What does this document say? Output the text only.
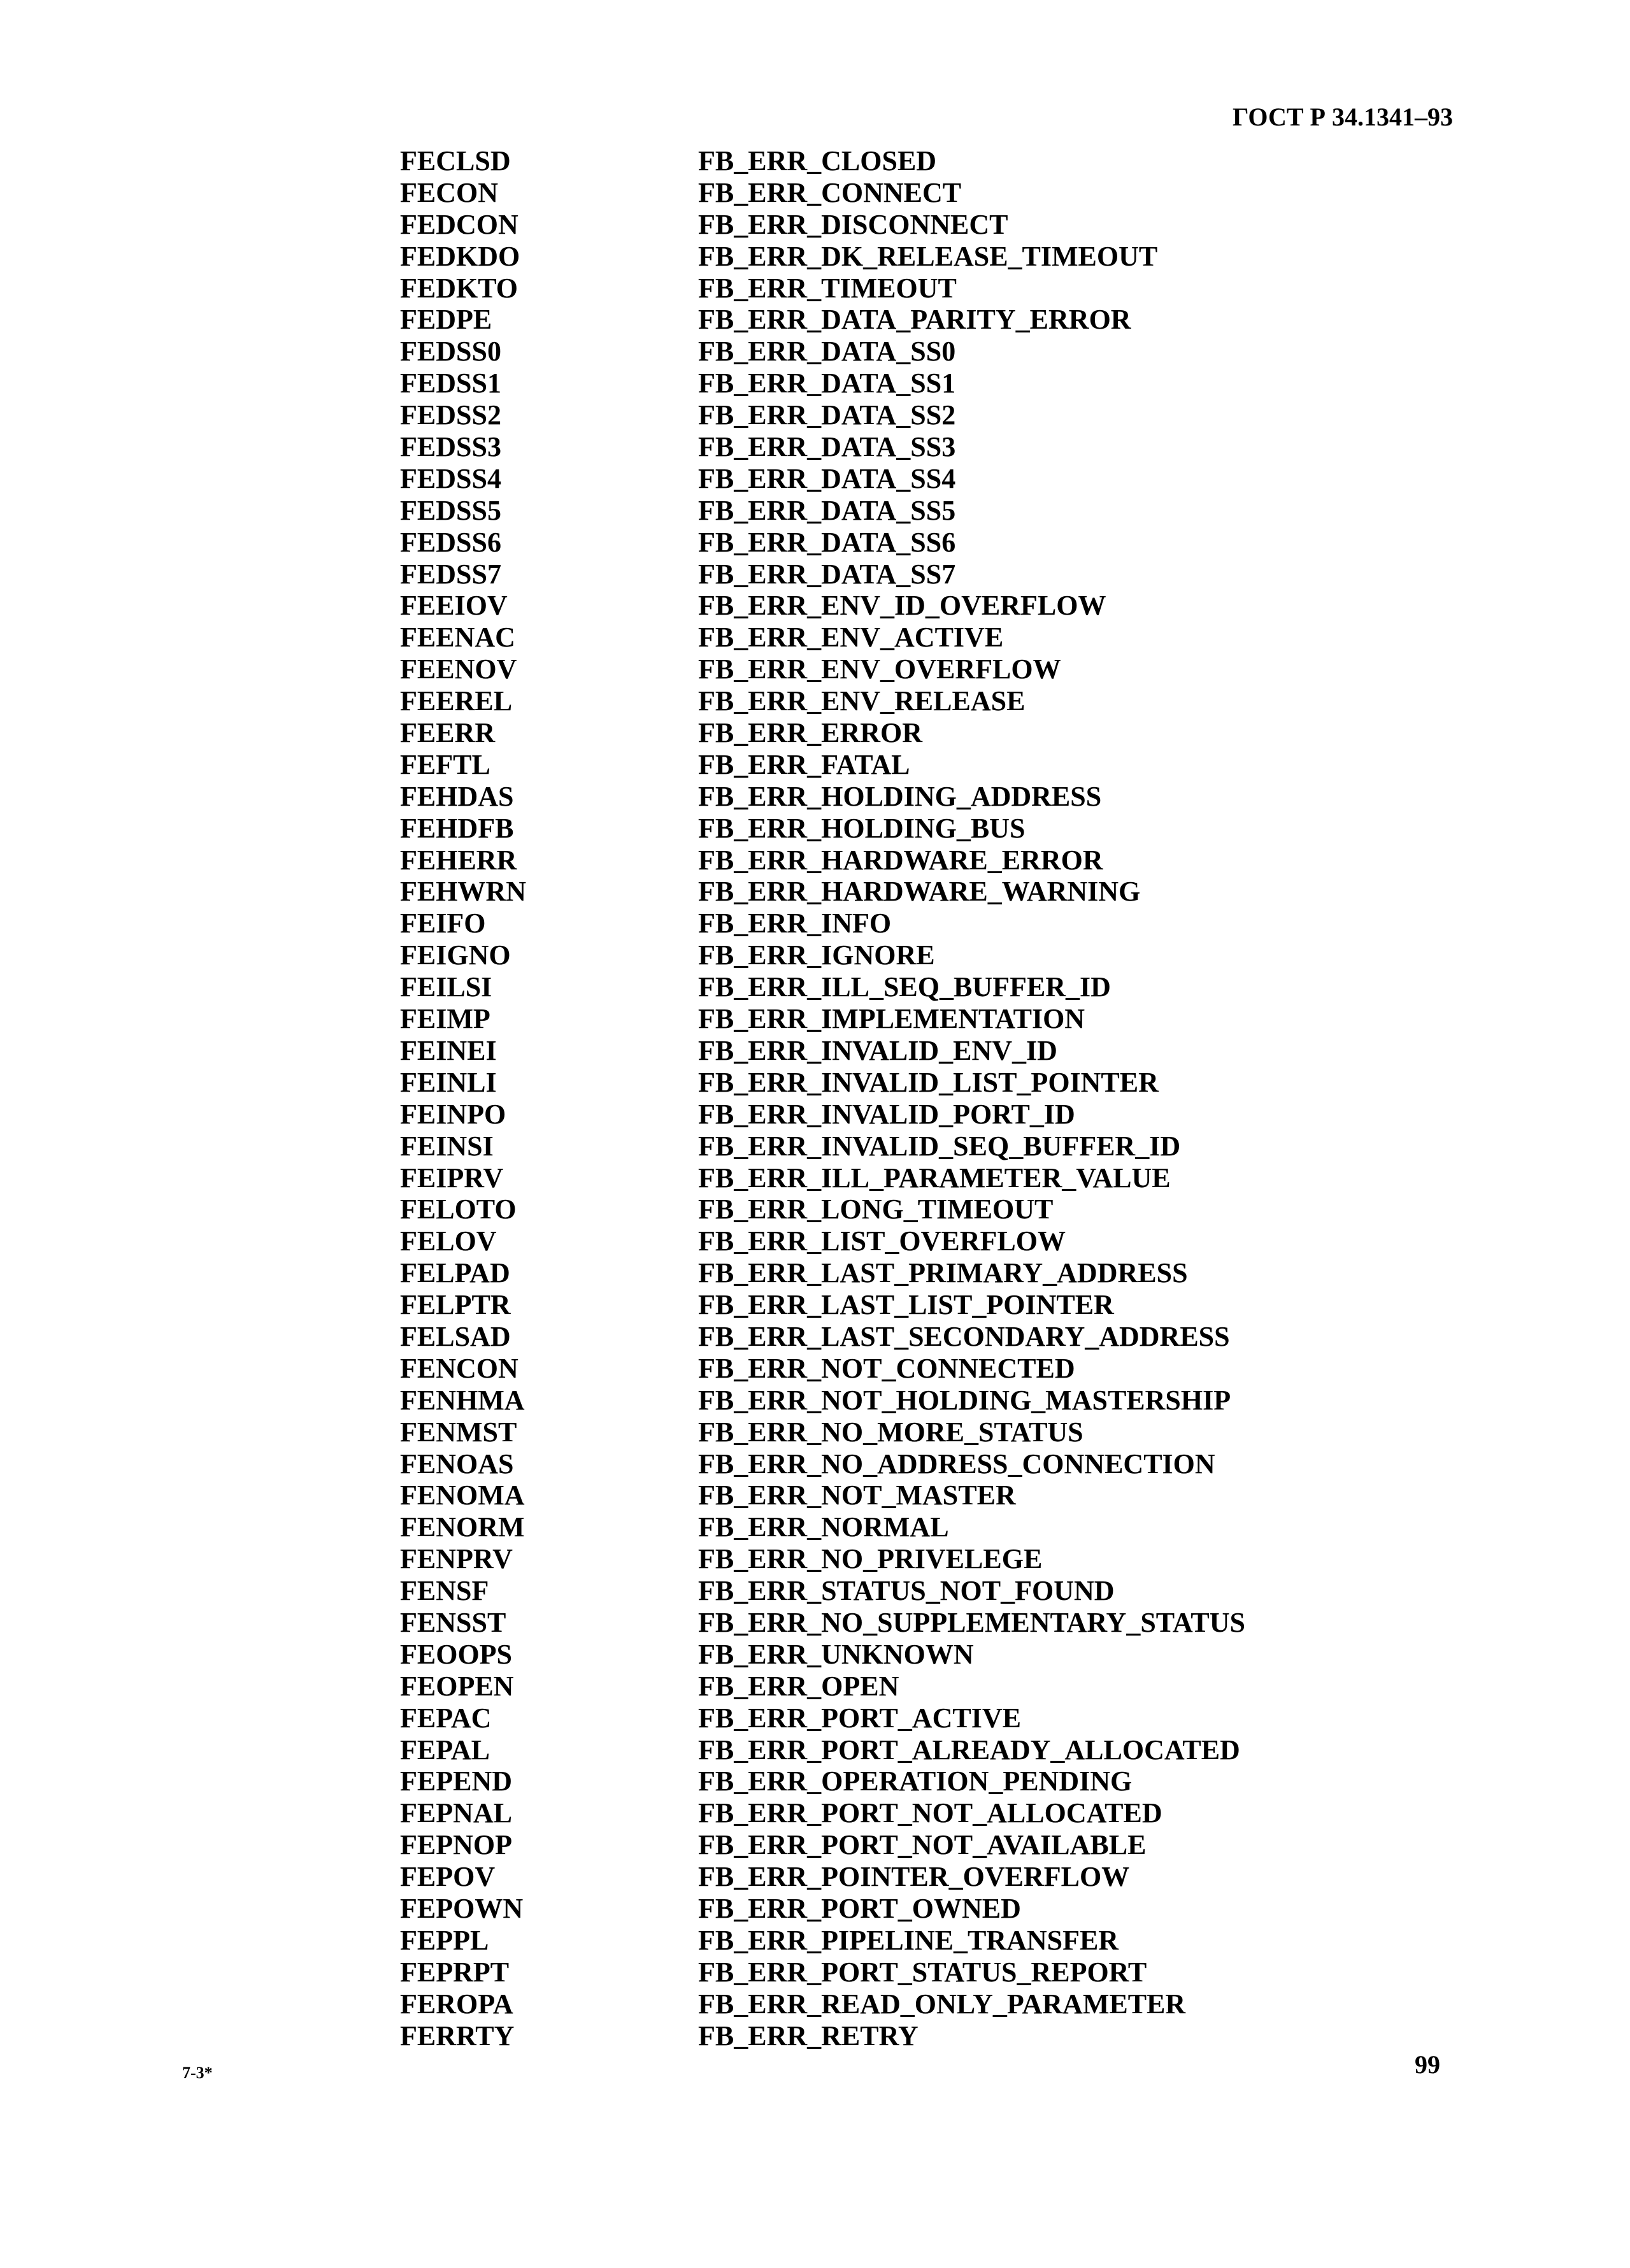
ГОСТ Р 34.1341–93
FECLSD	FB_ERR_CLOSED
FECON	FB_ERR_CONNECT
FEDCON	FB_ERR_DISCONNECT
FEDKDO	FB_ERR_DK_RELEASE_TIMEOUT
FEDKTO	FB_ERR_TIMEOUT
FEDPE	FB_ERR_DATA_PARITY_ERROR
FEDSS0	FB_ERR_DATA_SS0
FEDSS1	FB_ERR_DATA_SS1
FEDSS2	FB_ERR_DATA_SS2
FEDSS3	FB_ERR_DATA_SS3
FEDSS4	FB_ERR_DATA_SS4
FEDSS5	FB_ERR_DATA_SS5
FEDSS6	FB_ERR_DATA_SS6
FEDSS7	FB_ERR_DATA_SS7
FEEIOV	FB_ERR_ENV_ID_OVERFLOW
FEENAC	FB_ERR_ENV_ACTIVE
FEENOV	FB_ERR_ENV_OVERFLOW
FEEREL	FB_ERR_ENV_RELEASE
FEERR	FB_ERR_ERROR
FEFTL	FB_ERR_FATAL
FEHDAS	FB_ERR_HOLDING_ADDRESS
FEHDFB	FB_ERR_HOLDING_BUS
FEHERR	FB_ERR_HARDWARE_ERROR
FEHWRN	FB_ERR_HARDWARE_WARNING
FEIFO	FB_ERR_INFO
FEIGNO	FB_ERR_IGNORE
FEILSI	FB_ERR_ILL_SEQ_BUFFER_ID
FEIMP	FB_ERR_IMPLEMENTATION
FEINEI	FB_ERR_INVALID_ENV_ID
FEINLI	FB_ERR_INVALID_LIST_POINTER
FEINPO	FB_ERR_INVALID_PORT_ID
FEINSI	FB_ERR_INVALID_SEQ_BUFFER_ID
FEIPRV	FB_ERR_ILL_PARAMETER_VALUE
FELOTO	FB_ERR_LONG_TIMEOUT
FELOV	FB_ERR_LIST_OVERFLOW
FELPAD	FB_ERR_LAST_PRIMARY_ADDRESS
FELPTR	FB_ERR_LAST_LIST_POINTER
FELSAD	FB_ERR_LAST_SECONDARY_ADDRESS
FENCON	FB_ERR_NOT_CONNECTED
FENHMA	FB_ERR_NOT_HOLDING_MASTERSHIP
FENMST	FB_ERR_NO_MORE_STATUS
FENOAS	FB_ERR_NO_ADDRESS_CONNECTION
FENOMA	FB_ERR_NOT_MASTER
FENORM	FB_ERR_NORMAL
FENPRV	FB_ERR_NO_PRIVELEGE
FENSF	FB_ERR_STATUS_NOT_FOUND
FENSST	FB_ERR_NO_SUPPLEMENTARY_STATUS
FEOOPS	FB_ERR_UNKNOWN
FEOPEN	FB_ERR_OPEN
FEPAC	FB_ERR_PORT_ACTIVE
FEPAL	FB_ERR_PORT_ALREADY_ALLOCATED
FEPEND	FB_ERR_OPERATION_PENDING
FEPNAL	FB_ERR_PORT_NOT_ALLOCATED
FEPNOP	FB_ERR_PORT_NOT_AVAILABLE
FEPOV	FB_ERR_POINTER_OVERFLOW
FEPOWN	FB_ERR_PORT_OWNED
FEPPL	FB_ERR_PIPELINE_TRANSFER
FEPRPT	FB_ERR_PORT_STATUS_REPORT
FEROPA	FB_ERR_READ_ONLY_PARAMETER
FERRTY	FB_ERR_RETRY
7-3*	99
